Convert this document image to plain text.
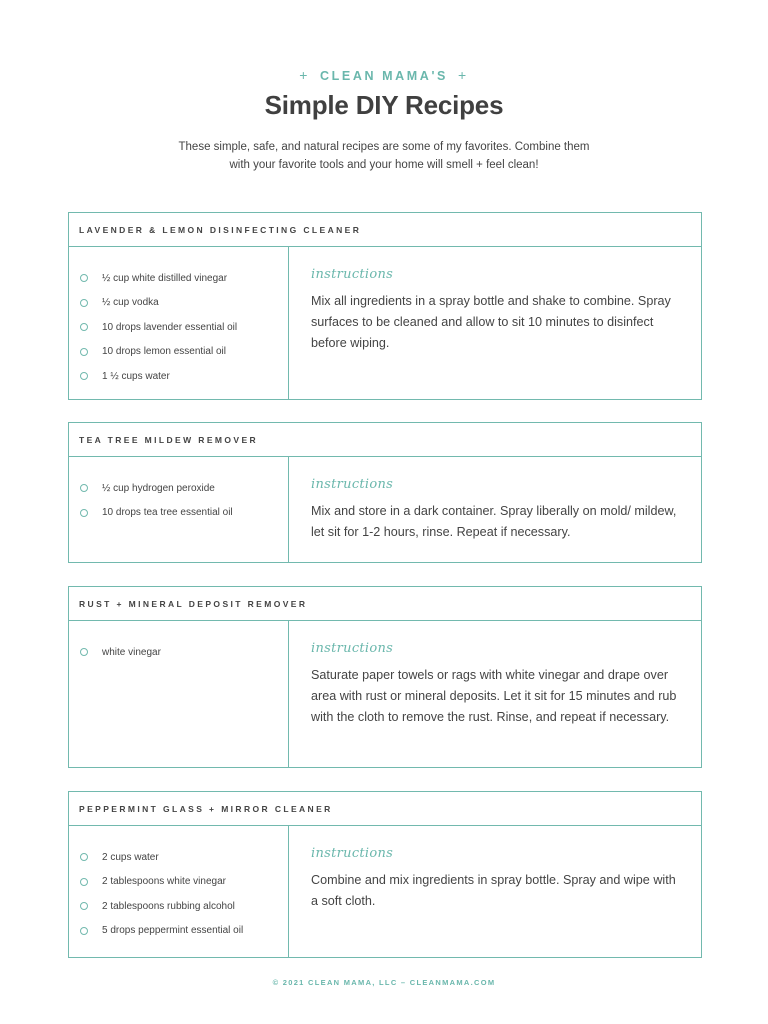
+ CLEAN MAMA'S +
Simple DIY Recipes
These simple, safe, and natural recipes are some of my favorites. Combine them with your favorite tools and your home will smell + feel clean!
LAVENDER & LEMON DISINFECTING CLEANER
½ cup white distilled vinegar
½ cup vodka
10 drops lavender essential oil
10 drops lemon essential oil
1 ½ cups water
instructions
Mix all ingredients in a spray bottle and shake to combine. Spray surfaces to be cleaned and allow to sit 10 minutes to disinfect before wiping.
TEA TREE MILDEW REMOVER
½ cup hydrogen peroxide
10 drops tea tree essential oil
instructions
Mix and store in a dark container. Spray liberally on mold/ mildew, let sit for 1-2 hours, rinse. Repeat if necessary.
RUST + MINERAL DEPOSIT REMOVER
white vinegar	instructions
Saturate paper towels or rags with white vinegar and drape over area with rust or mineral deposits. Let it sit for 15 minutes and rub with the cloth to remove the rust. Rinse, and repeat if necessary.
PEPPERMINT GLASS + MIRROR CLEANER
2 cups water
2 tablespoons white vinegar
2 tablespoons rubbing alcohol
5 drops peppermint essential oil
instructions
Combine and mix ingredients in spray bottle. Spray and wipe with a soft cloth.
© 2021 CLEAN MAMA, LLC – CLEANMAMA.COM
